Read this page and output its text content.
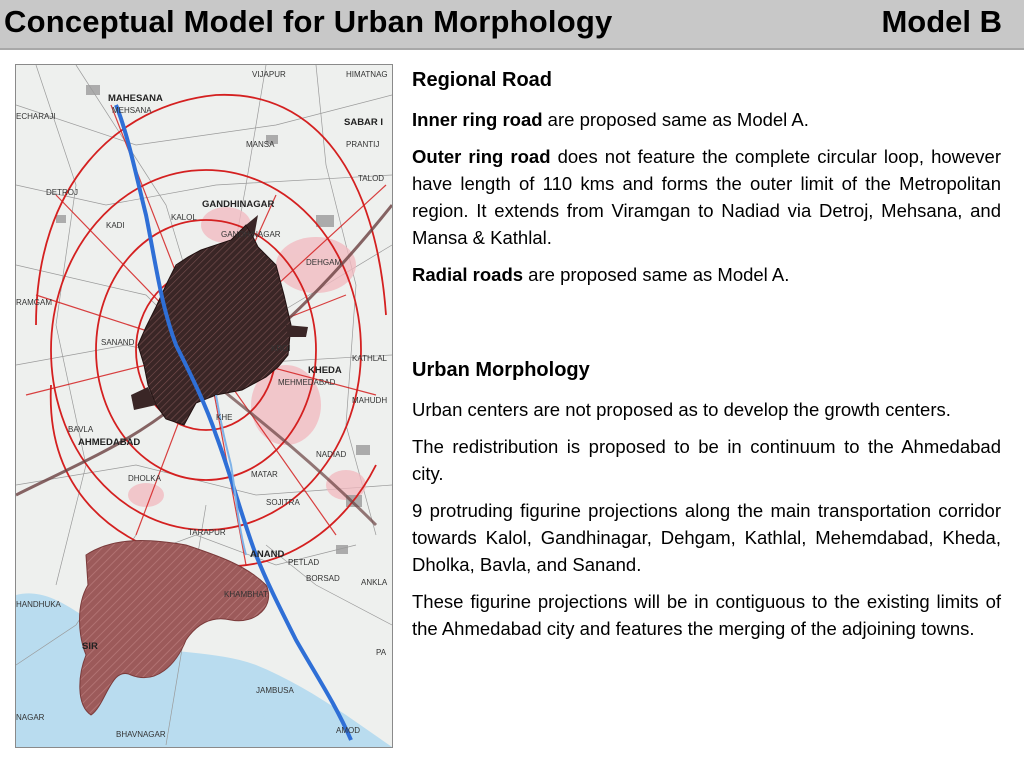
Conceptual Model for Urban Morphology	Model B
VIJAPUR	HIMATNAG
MAHESANA
MEHSANA
ECHARAJI
SABAR I
MANSA	PRANTIJ
TALOD
DETROJ
GANDHINAGAR
KALOL
KADI
GANDHINAGAR
DEHGAM
RAMGAM
SANAND
KROI
KHEDA
KATHLAL
MEHMEDABAD
MAHUDH
KHE
BAVLA
AHMEDABAD
NADIAD
DHOLKA	MATAR
SOJITRA
TARAPUR
PETLAD
ANAND
BORSAD	ANKLA
HANDHUKA
KHAMBHAT
SIR
PA
JAMBUSA
NAGAR
BHAVNAGAR	AMOD
Regional Road

Inner ring road are proposed same as Model A.

Outer ring road does not feature the complete circular loop, however have length of 110 kms and forms the outer limit of the Metropolitan region. It extends from Viramgan to Nadiad via Detroj, Mehsana, and Mansa & Kathlal.

Radial roads are proposed same as Model A.

Urban Morphology

Urban centers are not proposed as to develop the growth centers.

The redistribution is proposed to be in continuum to the Ahmedabad city.

9 protruding figurine projections along the main transportation corridor towards Kalol, Gandhinagar, Dehgam, Kathlal, Mehemdabad, Kheda, Dholka, Bavla, and Sanand.

These figurine projections will be in contiguous to the existing limits of the Ahmedabad city and features the merging of the adjoining towns.
